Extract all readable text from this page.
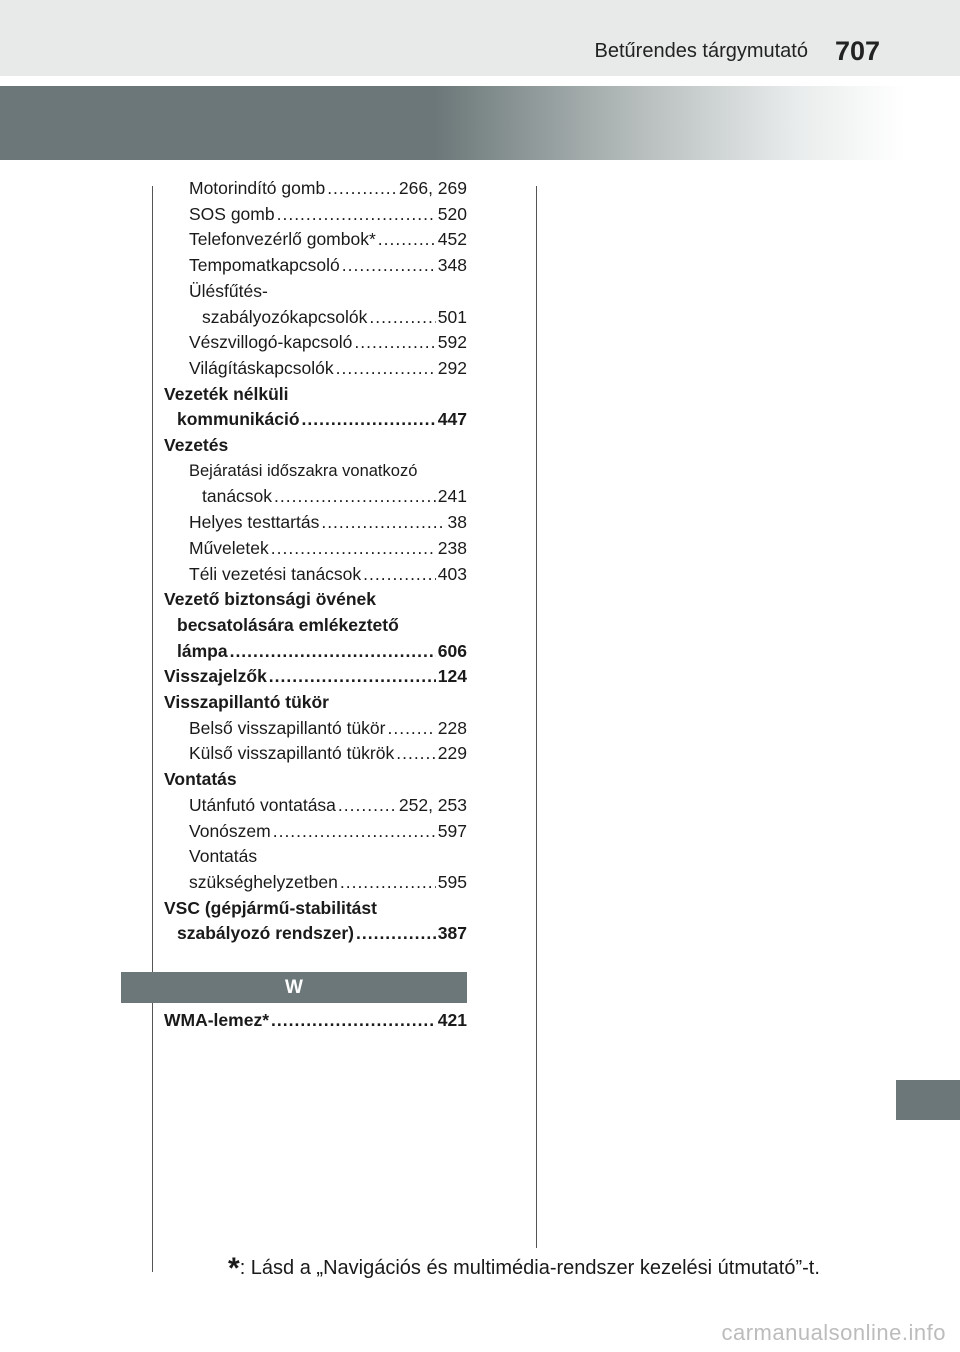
Betűrendes tárgymutató 707
Motorindító gomb .....	266, 269
SOS gomb .....	520
Telefonvezérlő gombok* .....	452
Tempomatkapcsoló .....	348
Ülésfűtés-
szabályozókapcsolók .....	501
Vészvillogó-kapcsoló .....	592
Világításkapcsolók .....	292
Vezeték nélküli
kommunikáció .....	447
Vezetés
Bejáratási időszakra vonatkozó
tanácsok .....	241
Helyes testtartás .....	38
Műveletek .....	238
Téli vezetési tanácsok .....	403
Vezető biztonsági övének
becsatolására emlékeztető
lámpa .....	606
Visszajelzők .....	124
Visszapillantó tükör
Belső visszapillantó tükör .....	228
Külső visszapillantó tükrök ..... 229
Vontatás
Utánfutó vontatása .....	252, 253
Vonószem .....	597
Vontatás
szükséghelyzetben .....	595
VSC (gépjármű-stabilitást
szabályozó rendszer) .....	387
W
WMA-lemez* .....	421
*: Lásd a „Navigációs és multimédia-rendszer kezelési útmutató”-t.
carmanualsonline.info
